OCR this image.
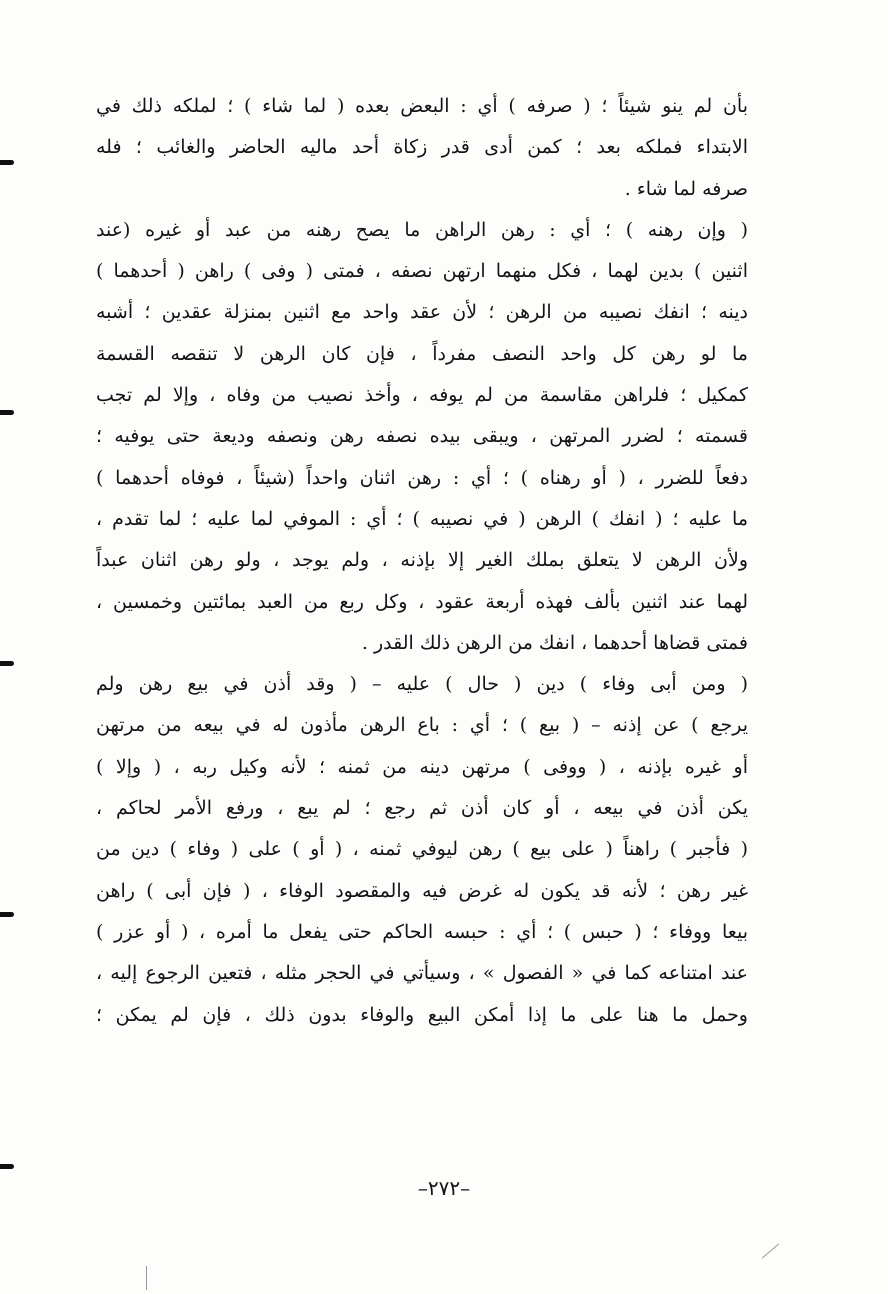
بأن لم ينو شيئاً ؛ ( صرفه ) أي : البعض بعده ( لما شاء ) ؛ لملكه ذلك في
الابتداء فملكه بعد ؛ كمن أدى قدر زكاة أحد ماليه الحاضر والغائب ؛ فله
صرفه لما شاء .
( وإن رهنه ) ؛ أي : رهن الراهن ما يصح رهنه من عبد أو غيره (عند
اثنين ) بدين لهما ، فكل منهما ارتهن نصفه ، فمتى ( وفى ) راهن ( أحدهما )
دينه ؛ انفك نصيبه من الرهن ؛ لأن عقد واحد مع اثنين بمنزلة عقدين ؛ أشبه
ما لو رهن كل واحد النصف مفرداً ، فإن كان الرهن لا تنقصه القسمة
كمكيل ؛ فلراهن مقاسمة من لم يوفه ، وأخذ نصيب من وفاه ، وإلا لم تجب
قسمته ؛ لضرر المرتهن ، ويبقى بيده نصفه رهن ونصفه وديعة حتى يوفيه ؛
دفعاً للضرر ، ( أو رهناه ) ؛ أي : رهن اثنان واحداً (شيئاً ، فوفاه أحدهما )
ما عليه ؛ ( انفك ) الرهن ( في نصيبه ) ؛ أي : الموفي لما عليه ؛ لما تقدم ،
ولأن الرهن لا يتعلق بملك الغير إلا بإذنه ، ولم يوجد ، ولو رهن اثنان عبداً
لهما عند اثنين بألف فهذه أربعة عقود ، وكل ربع من العبد بمائتين وخمسين ،
فمتى قضاها أحدهما ، انفك من الرهن ذلك القدر .
( ومن أبى وفاء ) دين ( حال ) عليه – ( وقد أذن في بيع رهن ولم
يرجع ) عن إذنه – ( بيع ) ؛ أي : باع الرهن مأذون له في بيعه من مرتهن
أو غيره بإذنه ، ( ووفى ) مرتهن دينه من ثمنه ؛ لأنه وكيل ربه ، ( وإلا )
يكن أذن في بيعه ، أو كان أذن ثم رجع ؛ لم يبع ، ورفع الأمر لحاكم ،
( فأجبر ) راهناً ( على بيع ) رهن ليوفي ثمنه ، ( أو ) على ( وفاء ) دين من
غير رهن ؛ لأنه قد يكون له غرض فيه والمقصود الوفاء ، ( فإن أبى ) راهن
بيعا ووفاء ؛ ( حبس ) ؛ أي : حبسه الحاكم حتى يفعل ما أمره ، ( أو عزر )
عند امتناعه كما في « الفصول » ، وسيأتي في الحجر مثله ، فتعين الرجوع إليه ،
وحمل ما هنا على ما إذا أمكن البيع والوفاء بدون ذلك ، فإن لم يمكن ؛
–٢٧٢–
